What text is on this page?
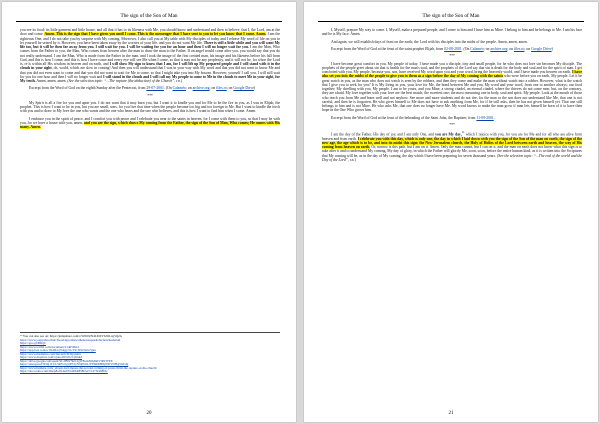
The sign of the Son of Man

you see its food; its little garment and little house, and all that it has to its likeness with Me, you should know and understand and then to believe, that I, the Lord, am at the door and come. Amen. This is the sign that I have given you until I come. This is the messenger that I have sent to you to let you know that I come. Amen. I am the righteous One, and I do not take you by surprise with My coming. Moreover, I also call you at My table with My disciples of today and I release My word of life on you to let yourself be seized by it. However, you have been taken away by the worries of your life, and you do not want My life. There is still a little while and you will want My life too, but it will be then far away from you. I still wait for you. I will be waiting for you for an hour and then I will no longer wait for you. I am the Man, Who comes from the Father to you, the Man, Who comes from heaven after the man to draw the man to the Father. If an angel would come after you, you would say that you do not really understand. I am the Man, Who is made from the Father in the man, and I took the image of the first created man, his image and his likeness before his fall from God, and this is how I came, and this is how I have come and every eye will see Me when I come, so that it may not be any perplexity, and it will not be, for whoe the Lord is, re is within all His wisdom in heaven and on earth, and I will show My sign to know that I am, for I will lift up My prepared people and I will stand with it in the clouds in your sight, oh, world, which are slow in coming! And then you will understand that I was in your way with My word and that you did not want to know Me and that you did not even want to come and that you did not want to wait for Me to come, so that I might take you into My bosom. However, yourself I call you, I will still wait for you for one hour and then I will no longer wait and I will stand in the clouds and I will call my My people to come to Me in the clouds to meet Me in your sight, for My truth. Amen, amen, amen. (See the selection topic: “...The rapture (the abduction) of the Church”, r.n.)

Excerpt from the Word of God on the eighth Sunday after the Pentecost, from 29-07-2001. (On Calaméo; on archive.org; on files.ro; on Google Drive)

***

My Spirit is all a fire for you and upon you. I do not want that it may burn you, but I want it to kindle you and for Me to be the fire in you, as I was in Elijah, the prophet. This is how I want to be in you, but you are small, sons, for you live that time when the people became too big and too foreign to Me. But I want to kindle the torch with you and to draw to My love the one who wants and the one who hears and the one who believes, and this is how I want to find him when I come. Amen.

I embrace you in the spirit of peace, and I comfort you with peace and I celebrate you near to the saints in heaven, for I come with them to you, so that I may be with you, for we have a house with you, amen, and you are the sign, which shows My coming from the Father, the sign of the Son of Man, Who comes; He comes with His many. Amen.

¹⁰ You can also see on: https://jumpshare.com/v/W6l0UN4LMZV6JOLxg5Q2A
https://www.yogiyahoochurchworldgoodnewsthenewsupasabduction/heeharuh
https://goo.gl/B6QC
https://www.scribd.com/document/214659641
https://app.box.com/s/1bsf9raq7idqjycl1c1915i9v5s6o7gnu
https://www.mediafire.com/file/xr6vl032prxhnt
https://www.dropbox.com/s/pkoobf5vhc5q5mkd
https://drive.google.com/open?id=0BlV5kl12gW8xckNiMnlIVlRVWEE
https://onespace/f5ElQ1TLT-SRY2cgrjFF/fy5NR7mL7FPRD6H8ylNbVDH@md/dg
https://www.hesheru.com/_ebook-lord-moses-the-second-coming-of-jesus-christ-the-rapture-of-the-church/
https://docs.zoho.com/file/p8ofl14a67bbf284f858b5a7c1275f4b8bbc
20
The sign of the Son of Man

I, Myself, prepare My way to come. I, Myself, make a prepared people, and I come to him and I have him as Mine. I belong to him and he belongs to Me. I am his face and he is My face. Amen.

And again, we will establish days of feast on the earth; the Lord with his disciples into the midst of the people. Amen, amen, amen.

Excerpt from the Word of God at the feast of the saint prophet Elijah, from 02-08-2001. (On Calaméo; on archive.org; on files.ro; on Google Drive)

***

I have become great comfort in you, My people of today. I have made you a disciple, tiny and small people, for he who does not love sin becomes My disciple. The prophets of the people greet about sin that is health for the man's soul, and the prophets of the Lord say that sin is death for the body and soul and for the spirit of man. I get comforted with you, My people, because you, son, have received My word upon you and your word, bring the heavenly world, and I have made you heaven on earth. I have also set you into the midst of the people to give you to them as a sign before the day of My coming with the saints who were before you on earth, My people. Let it be great watch in you, as the man who does not watch is seen by the robbers, and then they come and make the man without watch into a robber. However, what is the watch that I give you to seek for you? It is My living in you, your love for Me, the bond between Me and you, My word and your word, from one to another always; our food together; My dwelling with you, My people. I am to be yours, and you Mine, a strong citadel, an eternal citadel, where the thieves do not come near, but, on the contrary, they are afraid. My love together with your love are the best match; the sweetest one; the most reassuring one in body, soul and spirit. My people. Look at the mouth of those who teach you from Me and learn well and not anyhow. See more and more students and do not tire, for the man or the son does not understand like Me, that one is not careful, and then he is forgotten. He who gives himself to Me does not have to ask anything from Me, for if he still asks, then he has not given himself yet. That one still belongs to him and is not Mine. He who asks Me, that one does no longer have Me. My word knows to make the man grow if man lets himself be born of it to have then hope in the One Who grows him.

Excerpt from the Word of God at the feast of the beheading of the Saint John, the Baptizer, from 11-09-2001.

***

I am the day of the Father. His day of joy, and I am only One, and you are My day,$^{11}$ which I rejoice with you, for you are for Me and for all who are alive from heaven and from earth. I celebrate you with this day, which is only one, the day in which I laid down with you the sign of the Son of the man on earth, the sign of the new age, the age which is to be, and into its midst this sign: the New Jerusalem church, the Holy of Holies of the Lord between earth and heaven, the way of His coming from heaven on earth. Or, narrow is this path, but I am on it. Amen. Only the man cannot, but I can on it, and the man on earth does not know what this sign is to take after it and to understand My coming, My day of glory, in which the Father will glorify Me, soon, soon, before the entire human kind, as it is written into the Scriptures that My coming will be, as in the day of My coming, the day which I have been preparing for seven thousand years. (See the selection topic: “...The end of the world and the Day of the Lord”, r.n.)

21
